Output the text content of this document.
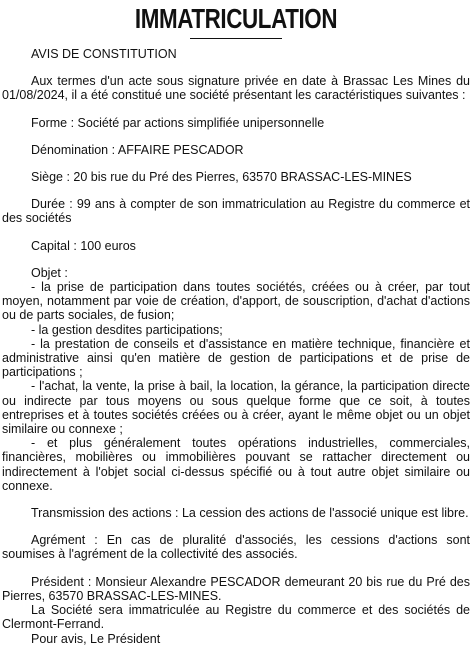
IMMATRICULATION

AVIS DE CONSTITUTION

Aux termes d'un acte sous signature privée en date à Brassac Les Mines du 01/08/2024, il a été constitué une société présentant les caractéristiques suivantes :

Forme : Société par actions simplifiée unipersonnelle

Dénomination : AFFAIRE PESCADOR

Siège : 20 bis rue du Pré des Pierres, 63570 BRASSAC-LES-MINES

Durée : 99 ans à compter de son immatriculation au Registre du commerce et des sociétés

Capital : 100 euros

Objet :

- la prise de participation dans toutes sociétés, créées ou à créer, par tout moyen, notamment par voie de création, d'apport, de souscription, d'achat d'actions ou de parts sociales, de fusion;

- la gestion desdites participations;

- la prestation de conseils et d'assistance en matière technique, financière et administrative ainsi qu'en matière de gestion de participations et de prise de participations ;

- l'achat, la vente, la prise à bail, la location, la gérance, la participation directe ou indirecte par tous moyens ou sous quelque forme que ce soit, à toutes entreprises et à toutes sociétés créées ou à créer, ayant le même objet ou un objet similaire ou connexe ;

- et plus généralement toutes opérations industrielles, commerciales, financières, mobilières ou immobilières pouvant se rattacher directement ou indirectement à l'objet social ci-dessus spécifié ou à tout autre objet similaire ou connexe.

Transmission des actions : La cession des actions de l'associé unique est libre.

Agrément : En cas de pluralité d'associés, les cessions d'actions sont soumises à l'agrément de la collectivité des associés.

Président : Monsieur Alexandre PESCADOR demeurant 20 bis rue du Pré des Pierres, 63570 BRASSAC-LES-MINES.

La Société sera immatriculée au Registre du commerce et des sociétés de Clermont-Ferrand.

Pour avis, Le Président
